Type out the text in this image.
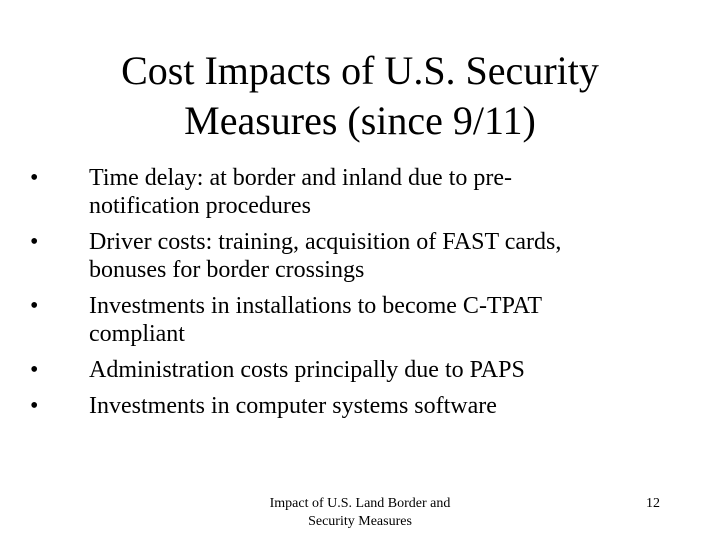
Cost Impacts of U.S. Security
Measures (since 9/11)
•	Time delay: at border and inland due to pre-
notification procedures
•	Driver costs: training, acquisition of FAST cards,
bonuses for border crossings
•	Investments in installations to become C-TPAT
compliant
•	Administration costs principally due to PAPS
•	Investments in computer systems software
Impact of U.S. Land Border and
Security Measures
12
